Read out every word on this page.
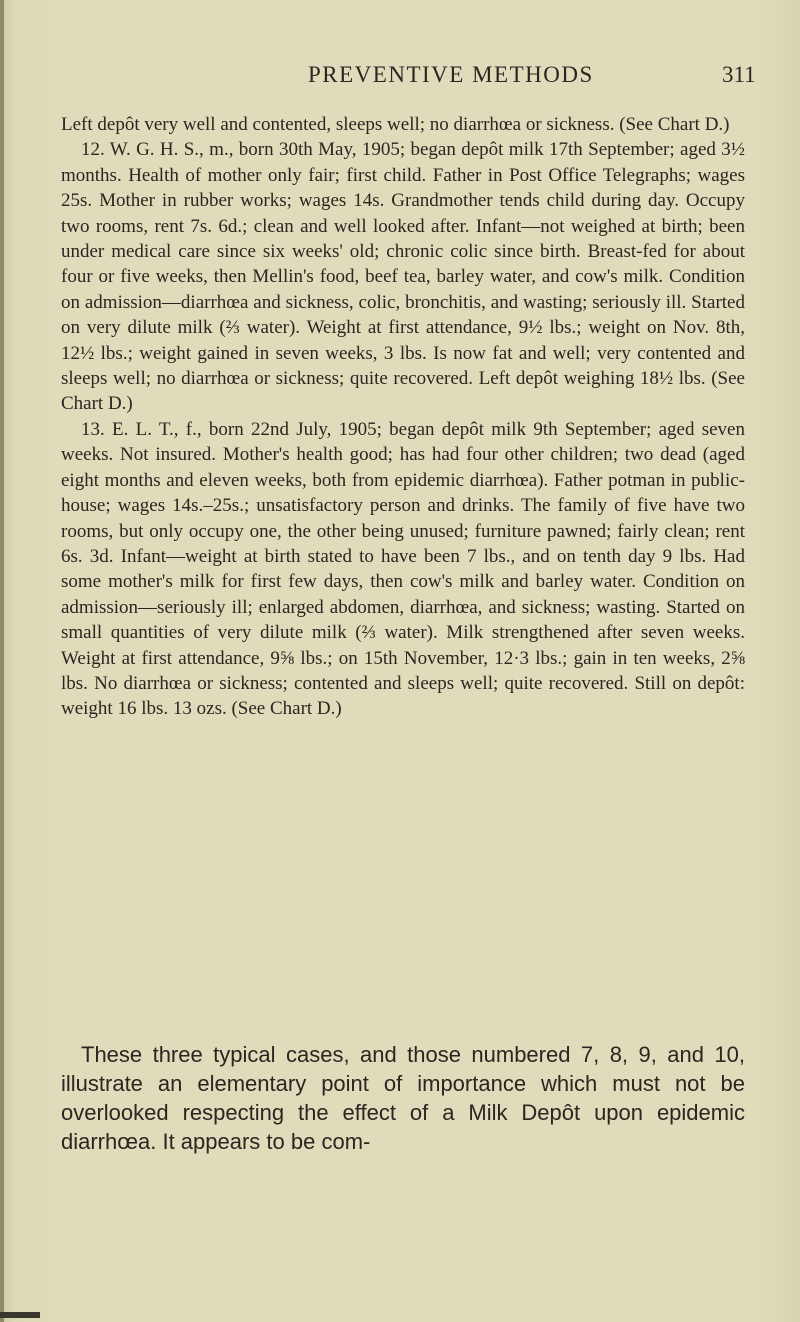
PREVENTIVE METHODS	311

Left depôt very well and contented, sleeps well; no diarrhœa or sickness. (See Chart D.)

12. W. G. H. S., m., born 30th May, 1905; began depôt milk 17th September; aged 3½ months. Health of mother only fair; first child. Father in Post Office Telegraphs; wages 25s. Mother in rubber works; wages 14s. Grandmother tends child during day. Occupy two rooms, rent 7s. 6d.; clean and well looked after. Infant—not weighed at birth; been under medical care since six weeks' old; chronic colic since birth. Breast-fed for about four or five weeks, then Mellin's food, beef tea, barley water, and cow's milk. Condition on admission—diarrhœa and sickness, colic, bronchitis, and wasting; seriously ill. Started on very dilute milk (⅔ water). Weight at first attendance, 9½ lbs.; weight on Nov. 8th, 12½ lbs.; weight gained in seven weeks, 3 lbs. Is now fat and well; very contented and sleeps well; no diarrhœa or sickness; quite recovered. Left depôt weighing 18½ lbs. (See Chart D.)

13. E. L. T., f., born 22nd July, 1905; began depôt milk 9th September; aged seven weeks. Not insured. Mother's health good; has had four other children; two dead (aged eight months and eleven weeks, both from epidemic diarrhœa). Father potman in public-house; wages 14s.–25s.; unsatisfactory person and drinks. The family of five have two rooms, but only occupy one, the other being unused; furniture pawned; fairly clean; rent 6s. 3d. Infant—weight at birth stated to have been 7 lbs., and on tenth day 9 lbs. Had some mother's milk for first few days, then cow's milk and barley water. Condition on admission—seriously ill; enlarged abdomen, diarrhœa, and sickness; wasting. Started on small quantities of very dilute milk (⅔ water). Milk strengthened after seven weeks. Weight at first attendance, 9⅝ lbs.; on 15th November, 12·3 lbs.; gain in ten weeks, 2⅝ lbs. No diarrhœa or sickness; contented and sleeps well; quite recovered. Still on depôt: weight 16 lbs. 13 ozs. (See Chart D.)

These three typical cases, and those numbered 7, 8, 9, and 10, illustrate an elementary point of importance which must not be overlooked respecting the effect of a Milk Depôt upon epidemic diarrhœa. It appears to be com-
